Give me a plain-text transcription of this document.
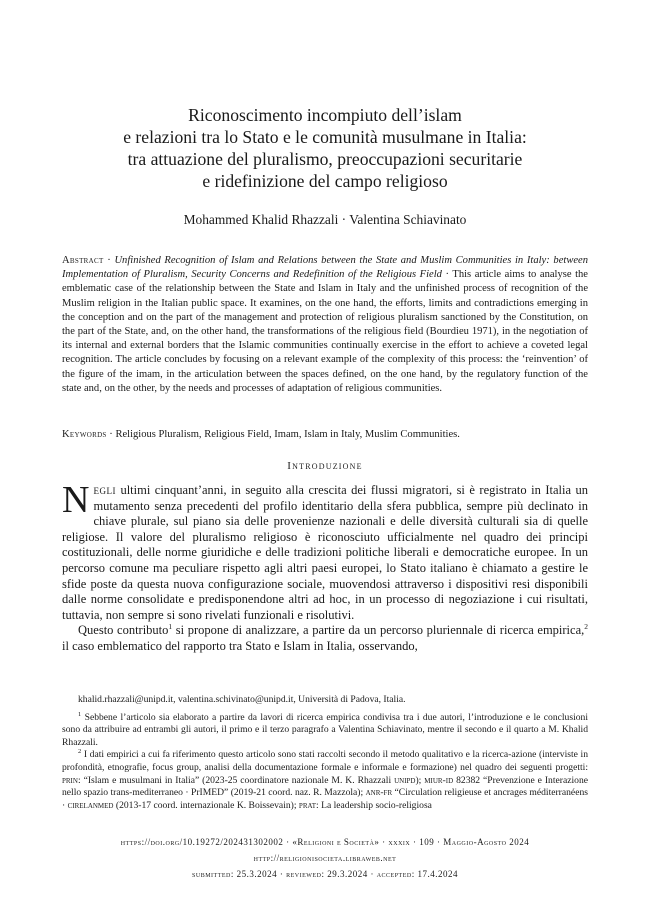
Riconoscimento incompiuto dell’islam
e relazioni tra lo Stato e le comunità musulmane in Italia:
tra attuazione del pluralismo, preoccupazioni securitarie
e ridefinizione del campo religioso
Mohammed Khalid Rhazzali · Valentina Schiavinato
Abstract · Unfinished Recognition of Islam and Relations between the State and Muslim Communities in Italy: between Implementation of Pluralism, Security Concerns and Redefinition of the Religious Field · This article aims to analyse the emblematic case of the relationship between the State and Islam in Italy and the unfinished process of recognition of the Muslim religion in the Italian public space. It examines, on the one hand, the efforts, limits and contradictions emerging in the conception and on the part of the management and protection of religious pluralism sanctioned by the Constitution, on the part of the State, and, on the other hand, the transformations of the religious field (Bourdieu 1971), in the negotiation of its internal and external borders that the Islamic communities continually exercise in the effort to achieve a coveted legal recognition. The article concludes by focusing on a relevant example of the complexity of this process: the ‘reinvention’ of the figure of the imam, in the articulation between the spaces defined, on the one hand, by the regulatory function of the state and, on the other, by the needs and processes of adaptation of religious communities.
Keywords · Religious Pluralism, Religious Field, Imam, Islam in Italy, Muslim Communities.
Introduzione

Negli ultimi cinquant’anni, in seguito alla crescita dei flussi migratori, si è registrato in Italia un mutamento senza precedenti del profilo identitario della sfera pubblica, sempre più declinato in chiave plurale, sul piano sia delle provenienze nazionali e delle diversità culturali sia di quelle religiose. Il valore del pluralismo religioso è riconosciuto ufficialmente nel quadro dei principi costituzionali, delle norme giuridiche e delle tradizioni politiche liberali e democratiche europee. In un percorso comune ma peculiare rispetto agli altri paesi europei, lo Stato italiano è chiamato a gestire le sfide poste da questa nuova configurazione sociale, muovendosi attraverso i dispositivi resi disponibili dalle norme consolidate e predisponendone altri ad hoc, in un processo di negoziazione i cui risultati, tuttavia, non sempre si sono rivelati funzionali e risolutivi.

Questo contributo$^1$ si propone di analizzare, a partire da un percorso pluriennale di ricerca empirica,$^2$ il caso emblematico del rapporto tra Stato e Islam in Italia, osservando,

khalid.rhazzali@unipd.it, valentina.schivinato@unipd.it, Università di Padova, Italia.

$^1$ Sebbene l’articolo sia elaborato a partire da lavori di ricerca empirica condivisa tra i due autori, l’introduzione e le conclusioni sono da attribuire ad entrambi gli autori, il primo e il terzo paragrafo a Valentina Schiavinato, mentre il secondo e il quarto a M. Khalid Rhazzali.

$^2$ I dati empirici a cui fa riferimento questo articolo sono stati raccolti secondo il metodo qualitativo e la ricerca-azione (interviste in profondità, etnografie, focus group, analisi della documentazione formale e informale e formazione) nel quadro dei seguenti progetti: prin: “Islam e musulmani in Italia” (2023-25 coordinatore nazionale M. K. Rhazzali unipd); miur-id 82382 “Prevenzione e Interazione nello spazio trans-mediterraneo · PrIMED” (2019-21 coord. naz. R. Mazzola); anr-fr “Circulation religieuse et ancrages méditerranéens · cirelanmed (2013-17 coord. internazionale K. Boissevain); prat: La leadership socio-religiosa

https://doi.org/10.19272/202431302002 · «Religioni e Società» · xxxix · 109 · Maggio-Agosto 2024
http://religionisocieta.libraweb.net
submitted: 25.3.2024 · reviewed: 29.3.2024 · accepted: 17.4.2024
